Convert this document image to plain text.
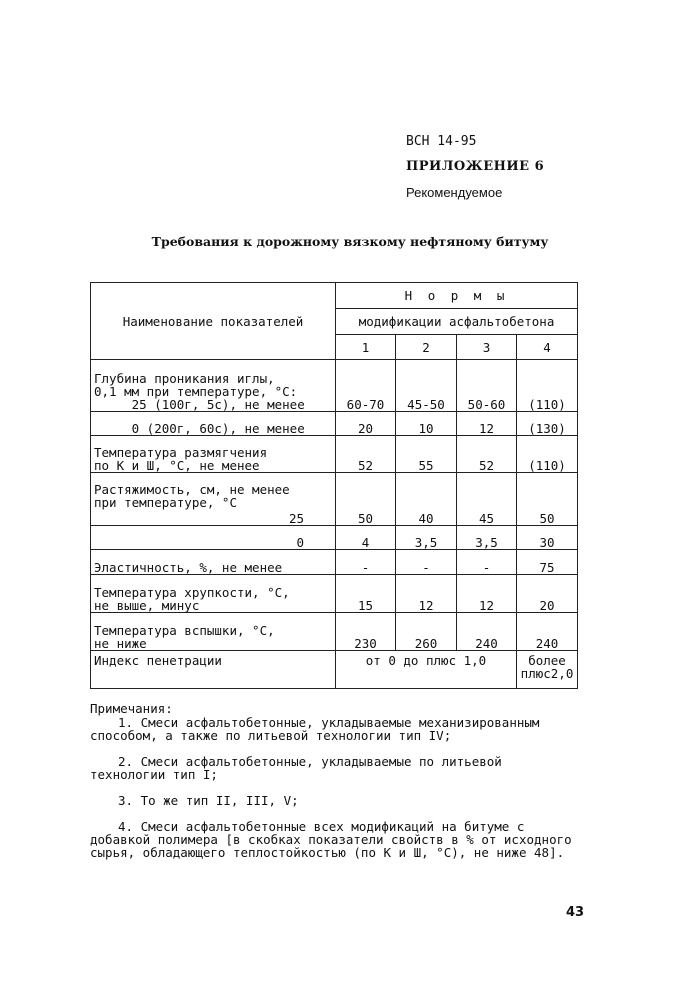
ВСН 14-95
ПРИЛОЖЕНИЕ 6
Рекомендуемое
Требования к дорожному вязкому нефтяному битуму
Наименование показателей	Н о р м ы			
	модификации асфальтобетона			
	1	2	3	4
Глубина проникания иглы,
0,1 мм при температуре, °С:
25 (100г, 5с), не менее	60-70	45-50	50-60	(110)
0 (200г, 60с), не менее	20	10	12	(130)
Температура размягчения
по К и Ш, °С, не менее	52	55	52	(110)

Растяжимость, см, не менее
при температуре, °С
25	50	40	45	50
0	4	3,5	3,5	30
Эластичность, %, не менее	-	-	-	75
Температура хрупкости, °С,
не выше, минус	15	12	12	20
Температура вспышки, °С,
не ниже	230	260	240	240
Индекс пенетрации	от 0 до плюс 1,0			более
плюс2,0

Примечания:

1. Смеси асфальтобетонные, укладываемые механизированным способом, а также по литьевой технологии тип IV;

2. Смеси асфальтобетонные, укладываемые по литьевой технологии тип I;

3. То же тип II, III, V;

4. Смеси асфальтобетонные всех модификаций на битуме с добавкой полимера [в скобках показатели свойств в % от исходного сырья, обладающего теплостойкостью (по К и Ш, °С), не ниже 48].

43
